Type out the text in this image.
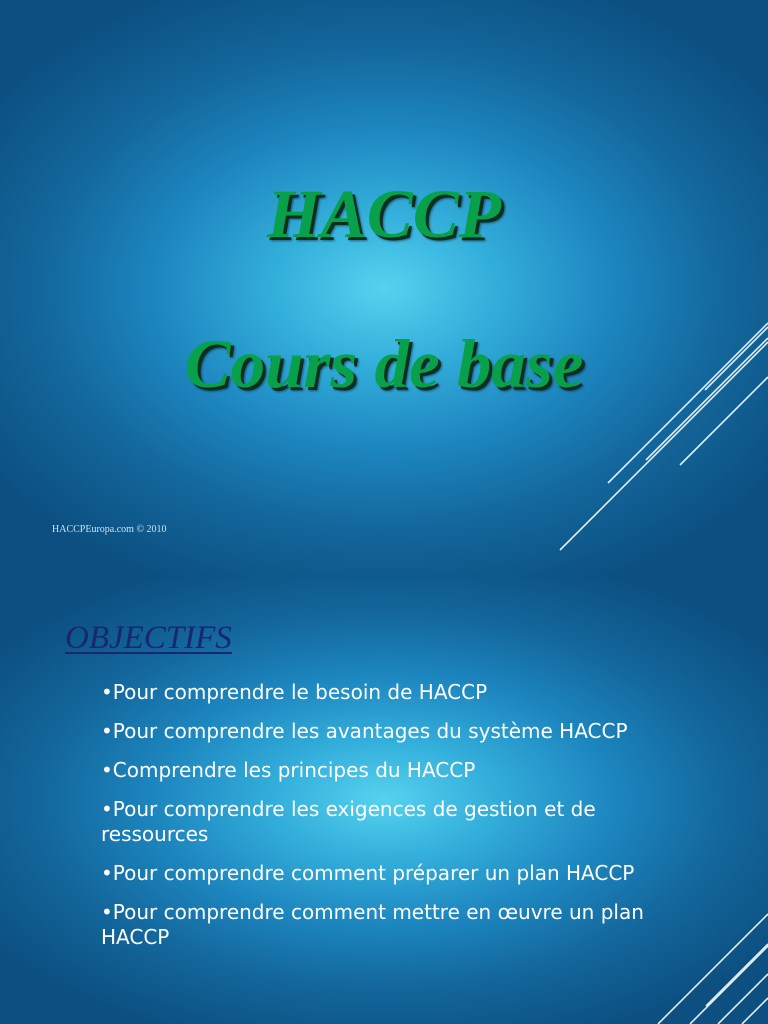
HACCP
Cours de base
HACCPEuropa.com © 2010
OBJECTIFS
• Pour comprendre le besoin de HACCP
• Pour comprendre les avantages du système HACCP
• Comprendre les principes du HACCP
• Pour comprendre les exigences de gestion et de ressources
• Pour comprendre comment préparer un plan HACCP
• Pour comprendre comment mettre en œuvre un plan HACCP
